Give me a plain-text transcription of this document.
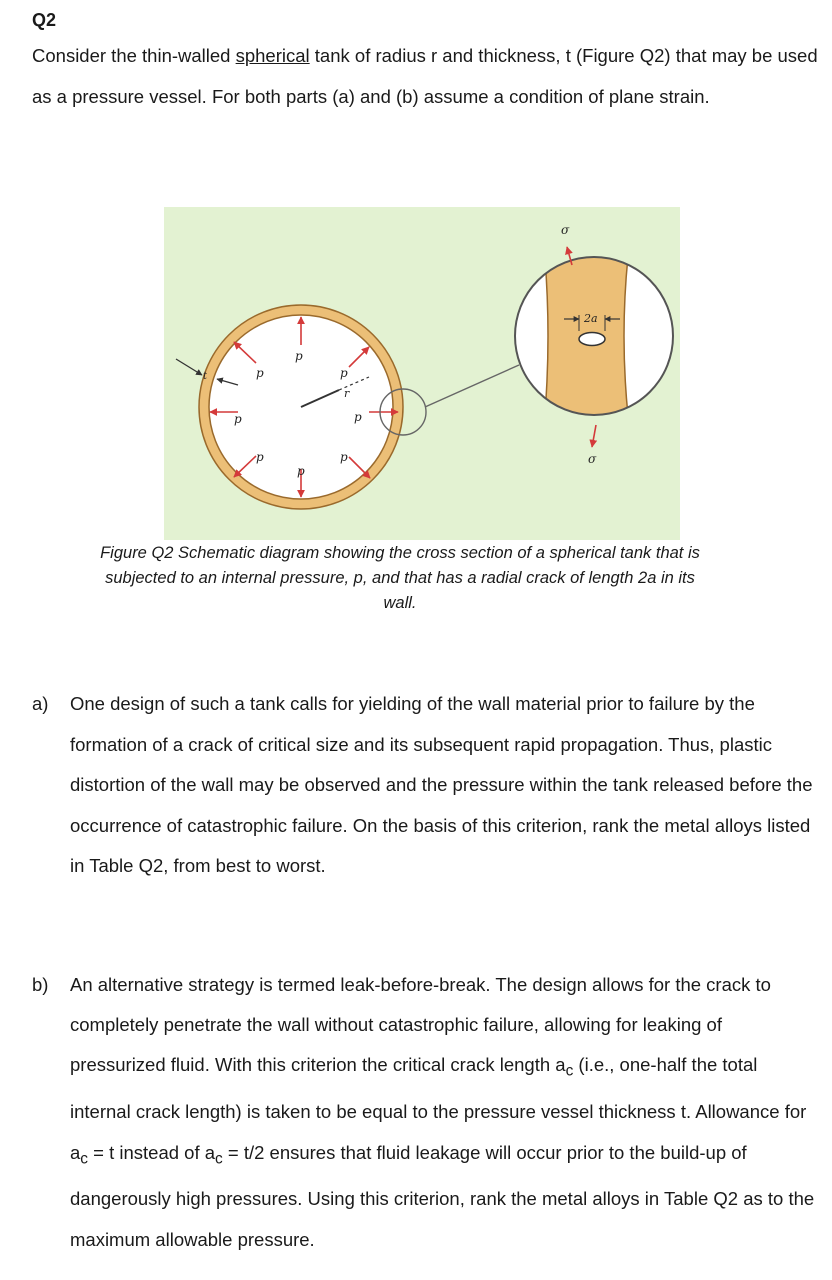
Q2
Consider the thin-walled spherical tank of radius r and thickness, t (Figure Q2) that may be used as a pressure vessel. For both parts (a) and (b) assume a condition of plane strain.
p
p	p
p	p
p	p
p
r
t
2a
σ
σ
Figure Q2 Schematic diagram showing the cross section of a spherical tank that is subjected to an internal pressure, p, and that has a radial crack of length 2a in its wall.
a) One design of such a tank calls for yielding of the wall material prior to failure by the formation of a crack of critical size and its subsequent rapid propagation. Thus, plastic distortion of the wall may be observed and the pressure within the tank released before the occurrence of catastrophic failure. On the basis of this criterion, rank the metal alloys listed in Table Q2, from best to worst.
b) An alternative strategy is termed leak-before-break. The design allows for the crack to completely penetrate the wall without catastrophic failure, allowing for leaking of pressurized fluid. With this criterion the critical crack length $a_c$ (i.e., one-half the total internal crack length) is taken to be equal to the pressure vessel thickness t. Allowance for $a_c = t$ instead of $a_c = t/2$ ensures that fluid leakage will occur prior to the build-up of dangerously high pressures. Using this criterion, rank the metal alloys in Table Q2 as to the maximum allowable pressure.
